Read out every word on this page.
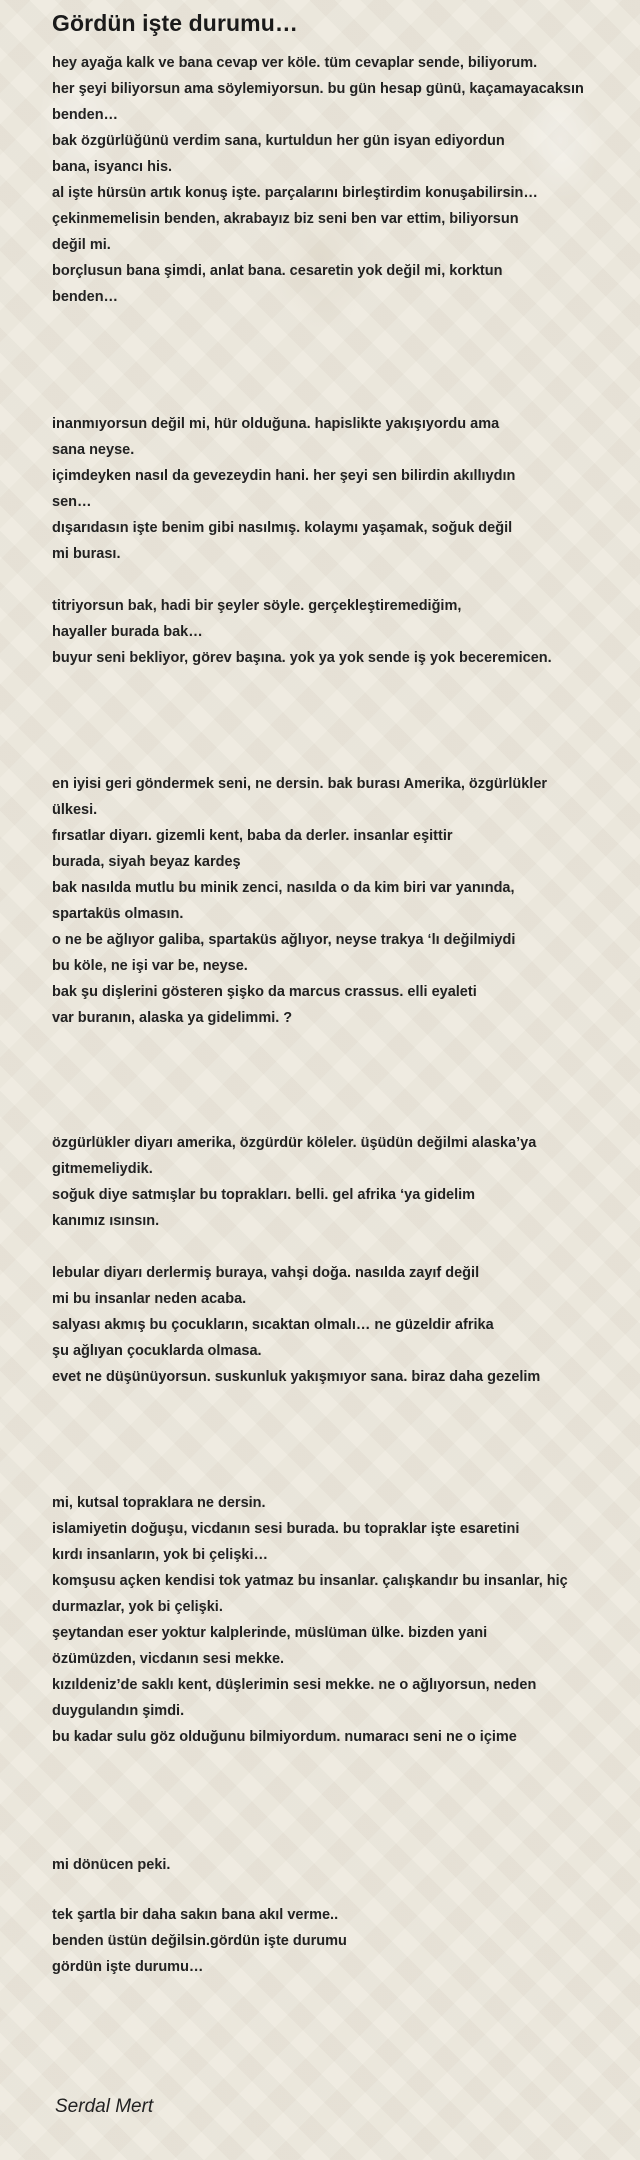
Gördün işte durumu…
hey ayağa kalk ve bana cevap ver köle. tüm cevaplar sende, biliyorum.
her şeyi biliyorsun ama söylemiyorsun. bu gün hesap günü, kaçamayacaksın
benden…
bak özgürlüğünü verdim sana, kurtuldun her gün isyan ediyordun
bana, isyancı his.
al işte hürsün artık konuş işte. parçalarını birleştirdim konuşabilirsin…
çekinmemelisin benden, akrabayız biz seni ben var ettim, biliyorsun
değil mi.
borçlusun bana şimdi, anlat bana. cesaretin yok değil mi, korktun
benden…
inanmıyorsun değil mi, hür olduğuna. hapislikte yakışıyordu ama
sana neyse.
içimdeyken nasıl da gevezeydin hani. her şeyi sen bilirdin akıllıydın
sen…
dışarıdasın işte benim gibi nasılmış. kolaymı yaşamak, soğuk değil
mi burası.
titriyorsun bak, hadi bir şeyler söyle. gerçekleştiremediğim,
hayaller burada bak…
buyur seni bekliyor, görev başına. yok ya yok sende iş yok beceremicen.
en iyisi geri göndermek seni, ne dersin. bak burası Amerika, özgürlükler
ülkesi.
fırsatlar diyarı. gizemli kent, baba da derler. insanlar eşittir
burada, siyah beyaz kardeş
bak nasılda mutlu bu minik zenci, nasılda o da kim biri var yanında,
spartaküs olmasın.
o ne be ağlıyor galiba, spartaküs ağlıyor, neyse trakya ‘lı değilmiydi
bu köle, ne işi var be, neyse.
bak şu dişlerini gösteren şişko da marcus crassus. elli eyaleti
var buranın, alaska ya gidelimmi. ?
özgürlükler diyarı amerika, özgürdür köleler. üşüdün değilmi alaska’ya
gitmemeliydik.
soğuk diye satmışlar bu toprakları. belli. gel afrika ‘ya gidelim
kanımız ısınsın.
lebular diyarı derlermiş buraya, vahşi doğa. nasılda zayıf değil
mi bu insanlar neden acaba.
salyası akmış bu çocukların, sıcaktan olmalı… ne güzeldir afrika
şu ağlıyan çocuklarda olmasa.
evet ne düşünüyorsun. suskunluk yakışmıyor sana. biraz daha gezelim
mi, kutsal topraklara ne dersin.
islamiyetin doğuşu, vicdanın sesi burada. bu topraklar işte esaretini
kırdı insanların, yok bi çelişki…
komşusu açken kendisi tok yatmaz bu insanlar. çalışkandır bu insanlar, hiç
durmazlar, yok bi çelişki.
şeytandan eser yoktur kalplerinde, müslüman ülke. bizden yani
özümüzden, vicdanın sesi mekke.
kızıldeniz’de saklı kent, düşlerimin sesi mekke. ne o ağlıyorsun, neden
duygulandın şimdi.
bu kadar sulu göz olduğunu bilmiyordum. numaracı seni ne o içime
mi dönücen peki.
tek şartla bir daha sakın bana akıl verme..
benden üstün değilsin.gördün işte durumu
gördün işte durumu…

Serdal Mert
